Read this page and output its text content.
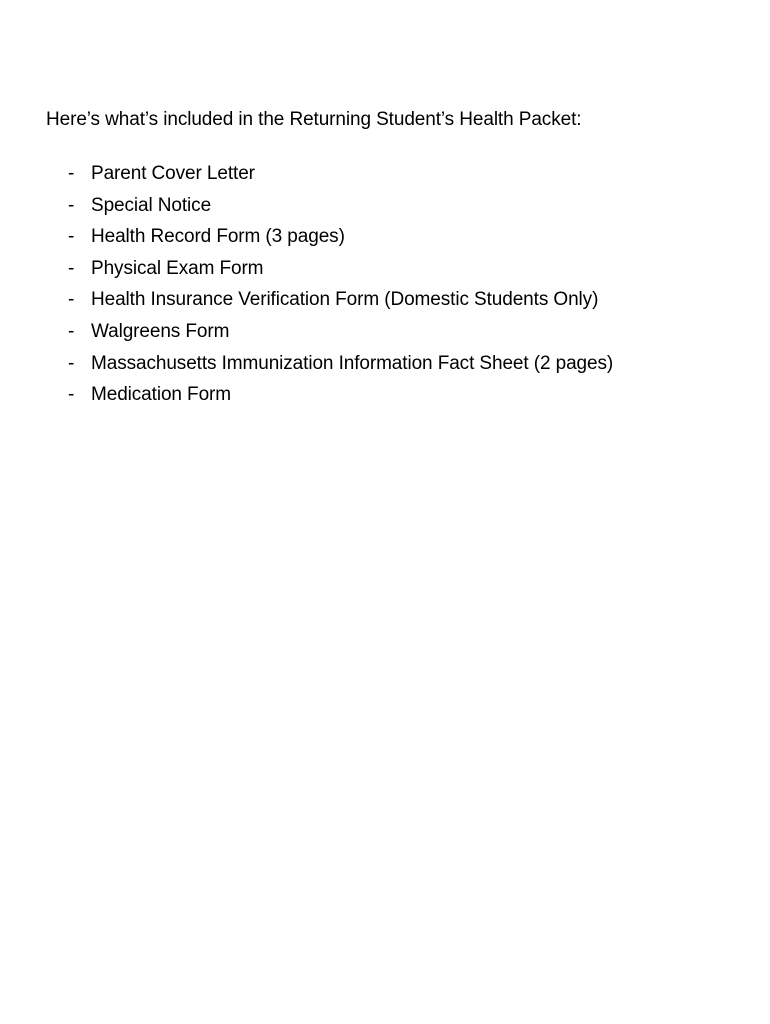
Here’s what’s included in the Returning Student’s Health Packet:

- Parent Cover Letter
- Special Notice
- Health Record Form (3 pages)
- Physical Exam Form
- Health Insurance Verification Form (Domestic Students Only)
- Walgreens Form
- Massachusetts Immunization Information Fact Sheet (2 pages)
- Medication Form
